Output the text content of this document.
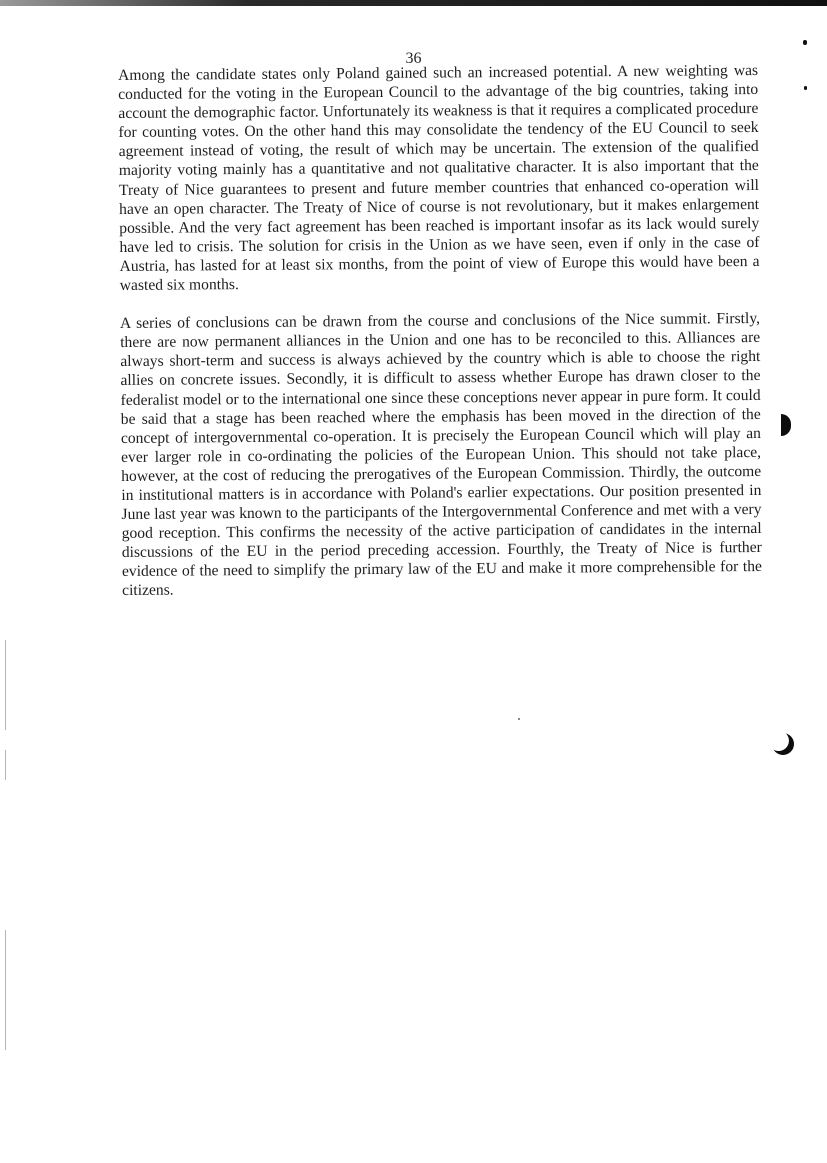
36

Among the candidate states only Poland gained such an increased potential. A new weighting was conducted for the voting in the European Council to the advantage of the big countries, taking into account the demographic factor. Unfortunately its weakness is that it requires a complicated procedure for counting votes. On the other hand this may consolidate the tendency of the EU Council to seek agreement instead of voting, the result of which may be uncertain. The extension of the qualified majority voting mainly has a quantitative and not qualitative character. It is also important that the Treaty of Nice guarantees to present and future member countries that enhanced co-operation will have an open character. The Treaty of Nice of course is not revolutionary, but it makes enlargement possible. And the very fact agreement has been reached is important insofar as its lack would surely have led to crisis. The solution for crisis in the Union as we have seen, even if only in the case of Austria, has lasted for at least six months, from the point of view of Europe this would have been a wasted six months.

A series of conclusions can be drawn from the course and conclusions of the Nice summit. Firstly, there are now permanent alliances in the Union and one has to be reconciled to this. Alliances are always short-term and success is always achieved by the country which is able to choose the right allies on concrete issues. Secondly, it is difficult to assess whether Europe has drawn closer to the federalist model or to the international one since these conceptions never appear in pure form. It could be said that a stage has been reached where the emphasis has been moved in the direction of the concept of intergovernmental co-operation. It is precisely the European Council which will play an ever larger role in co-ordinating the policies of the European Union. This should not take place, however, at the cost of reducing the prerogatives of the European Commission. Thirdly, the outcome in institutional matters is in accordance with Poland's earlier expectations. Our position presented in June last year was known to the participants of the Intergovernmental Conference and met with a very good reception. This confirms the necessity of the active participation of candidates in the internal discussions of the EU in the period preceding accession. Fourthly, the Treaty of Nice is further evidence of the need to simplify the primary law of the EU and make it more comprehensible for the citizens.
